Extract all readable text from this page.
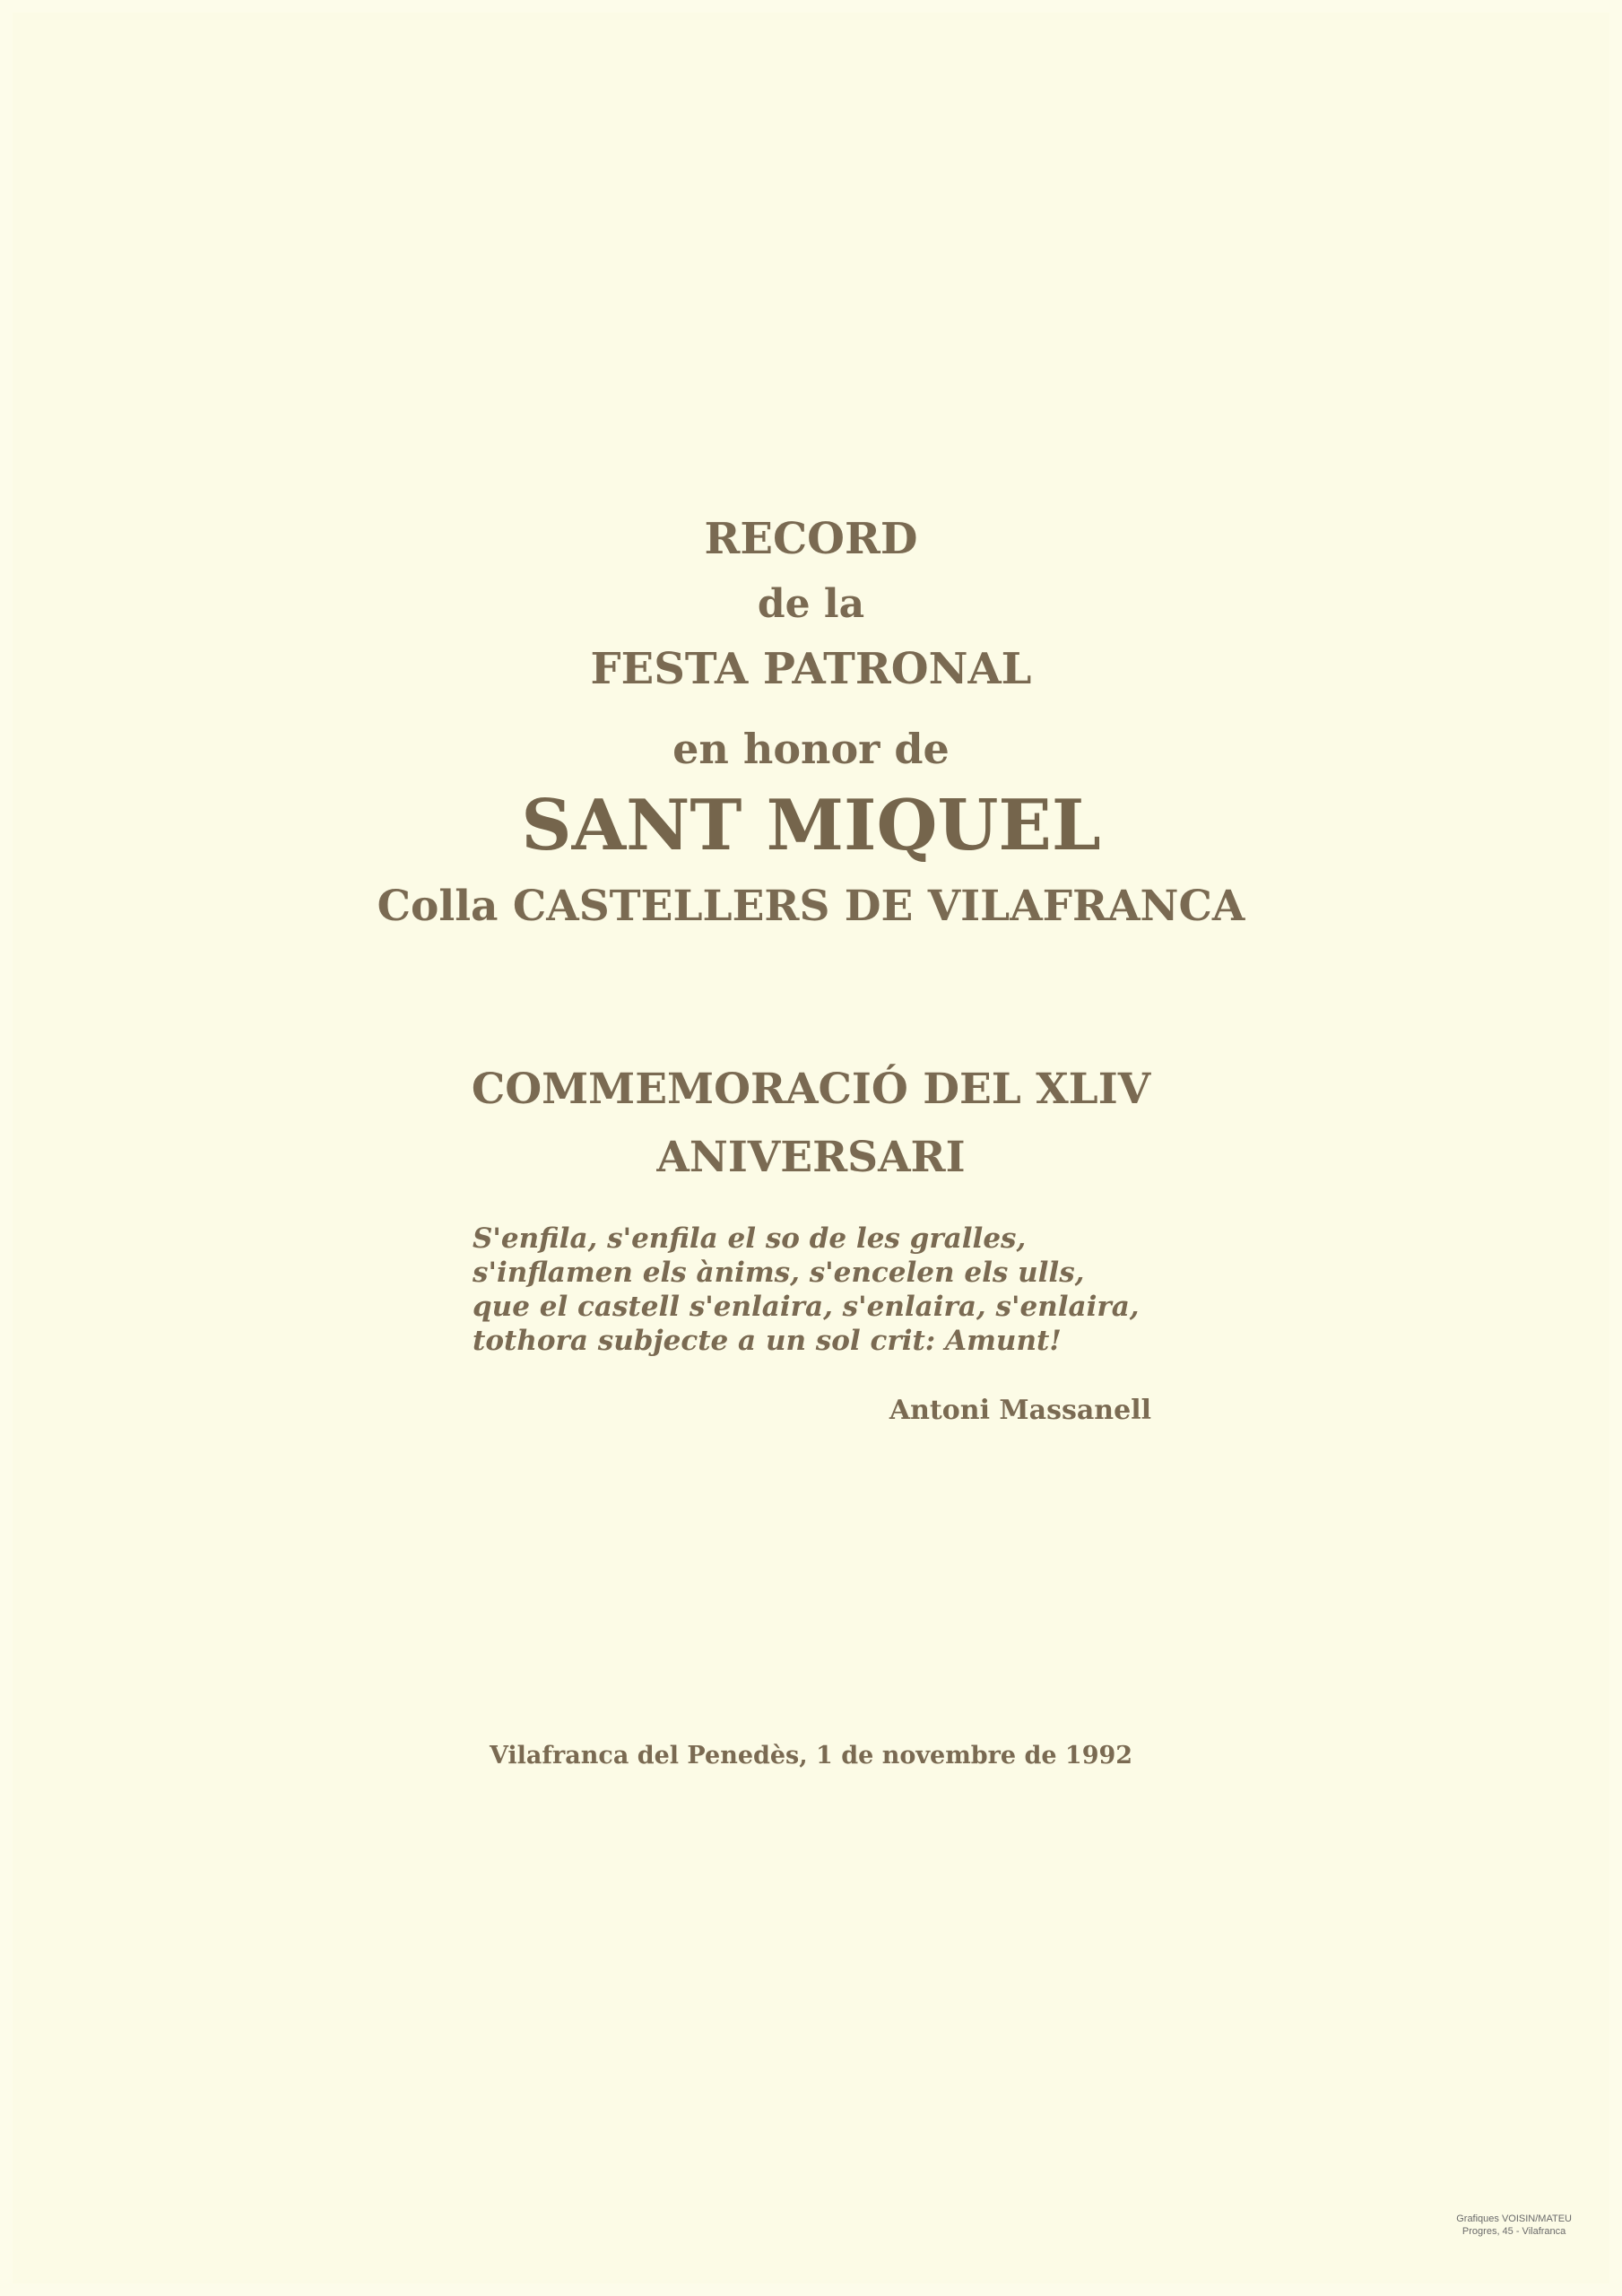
RECORD
de la
FESTA PATRONAL
en honor de
SANT MIQUEL
Colla CASTELLERS DE VILAFRANCA
COMMEMORACIÓ DEL XLIV
ANIVERSARI
S'enfila, s'enfila el so de les gralles,
s'inflamen els ànims, s'encelen els ulls,
que el castell s'enlaira, s'enlaira, s'enlaira,
tothora subjecte a un sol crit: Amunt!
Antoni Massanell
Vilafranca del Penedès, 1 de novembre de 1992
Grafiques VOISIN/MATEU
Progres, 45 - Vilafranca
